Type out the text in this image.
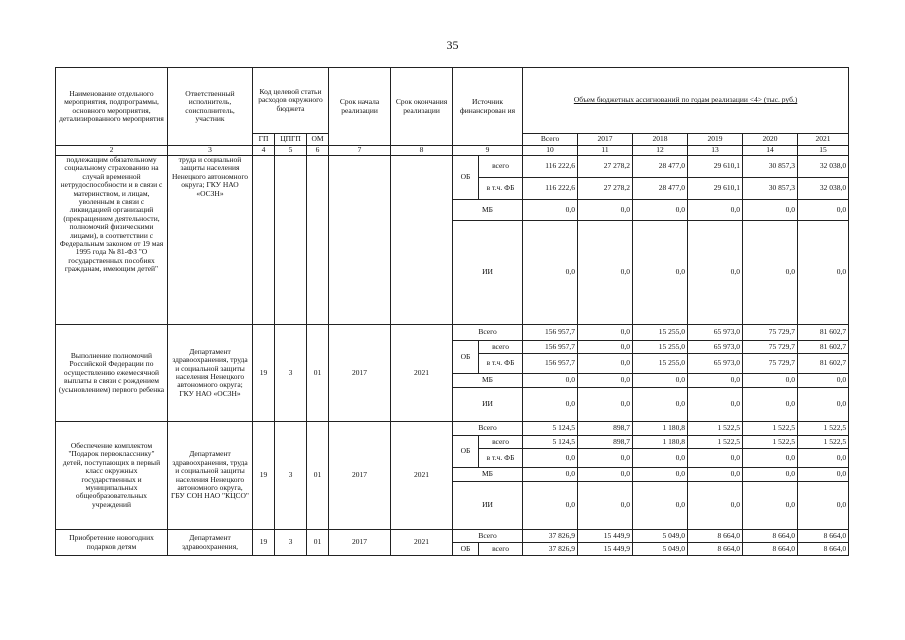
35
Наименование отдельного мероприятия, подпрограммы, основного мероприятия, детализированного мероприятия	Ответственный исполнитель, соисполнитель, участник	Код целевой статьи расходов окружного бюджета			Срок начала реализации	Срок окончания реализации	Источник финансирован ия		Объем бюджетных ассигнований по годам реализации <4> (тыс. руб.)					
		ГП	ЦПГП	ОМ					Всего	2017	2018	2019	2020	2021
2	3	4	5	6	7	8	9		10	11	12	13	14	15
подлежащим обязательному социальному страхованию на случай временной нетрудоспособности и в связи с материнством, и лицам, уволенным в связи с ликвидацией организаций (прекращением деятельности, полномочий физическими лицами), в соответствии с Федеральным законом от 19 мая 1995 года № 81-ФЗ "О государственных пособиях гражданам, имеющим детей"	труда и социальной защиты населения Ненецкого автономного округа; ГКУ НАО «ОСЗН»						ОБ	всего	116 222,6	27 278,2	28 477,0	29 610,1	30 857,3	32 038,0
								в т.ч. ФБ	116 222,6	27 278,2	28 477,0	29 610,1	30 857,3	32 038,0
							МБ		0,0	0,0	0,0	0,0	0,0	0,0
							ИИ		0,0	0,0	0,0	0,0	0,0	0,0
Выполнение полномочий Российской Федерации по осуществлению ежемесячной выплаты в связи с рождением (усыновлением) первого ребенка	Департамент здравоохранения, труда и социальной защиты населения Ненецкого автономного округа; ГКУ НАО «ОСЗН»	19	3	01	2017	2021	Всего		156 957,7	0,0	15 255,0	65 973,0	75 729,7	81 602,7
							ОБ	всего	156 957,7	0,0	15 255,0	65 973,0	75 729,7	81 602,7
								в т.ч. ФБ	156 957,7	0,0	15 255,0	65 973,0	75 729,7	81 602,7
							МБ		0,0	0,0	0,0	0,0	0,0	0,0
							ИИ		0,0	0,0	0,0	0,0	0,0	0,0
Обеспечение комплектом "Подарок первокласснику" детей, поступающих в первый класс окружных государственных и муниципальных общеобразовательных учреждений	Департамент здравоохранения, труда и социальной защиты населения Ненецкого автономного округа, ГБУ СОН НАО "КЦСО"	19	3	01	2017	2021	Всего		5 124,5	898,7	1 180,8	1 522,5	1 522,5	1 522,5
							ОБ	всего	5 124,5	898,7	1 180,8	1 522,5	1 522,5	1 522,5
								в т.ч. ФБ	0,0	0,0	0,0	0,0	0,0	0,0
							МБ		0,0	0,0	0,0	0,0	0,0	0,0
							ИИ		0,0	0,0	0,0	0,0	0,0	0,0
Приобретение новогодних подарков детям	Департамент здравоохранения,	19	3	01	2017	2021	Всего		37 826,9	15 449,9	5 049,0	8 664,0	8 664,0	8 664,0
							ОБ	всего	37 826,9	15 449,9	5 049,0	8 664,0	8 664,0	8 664,0
